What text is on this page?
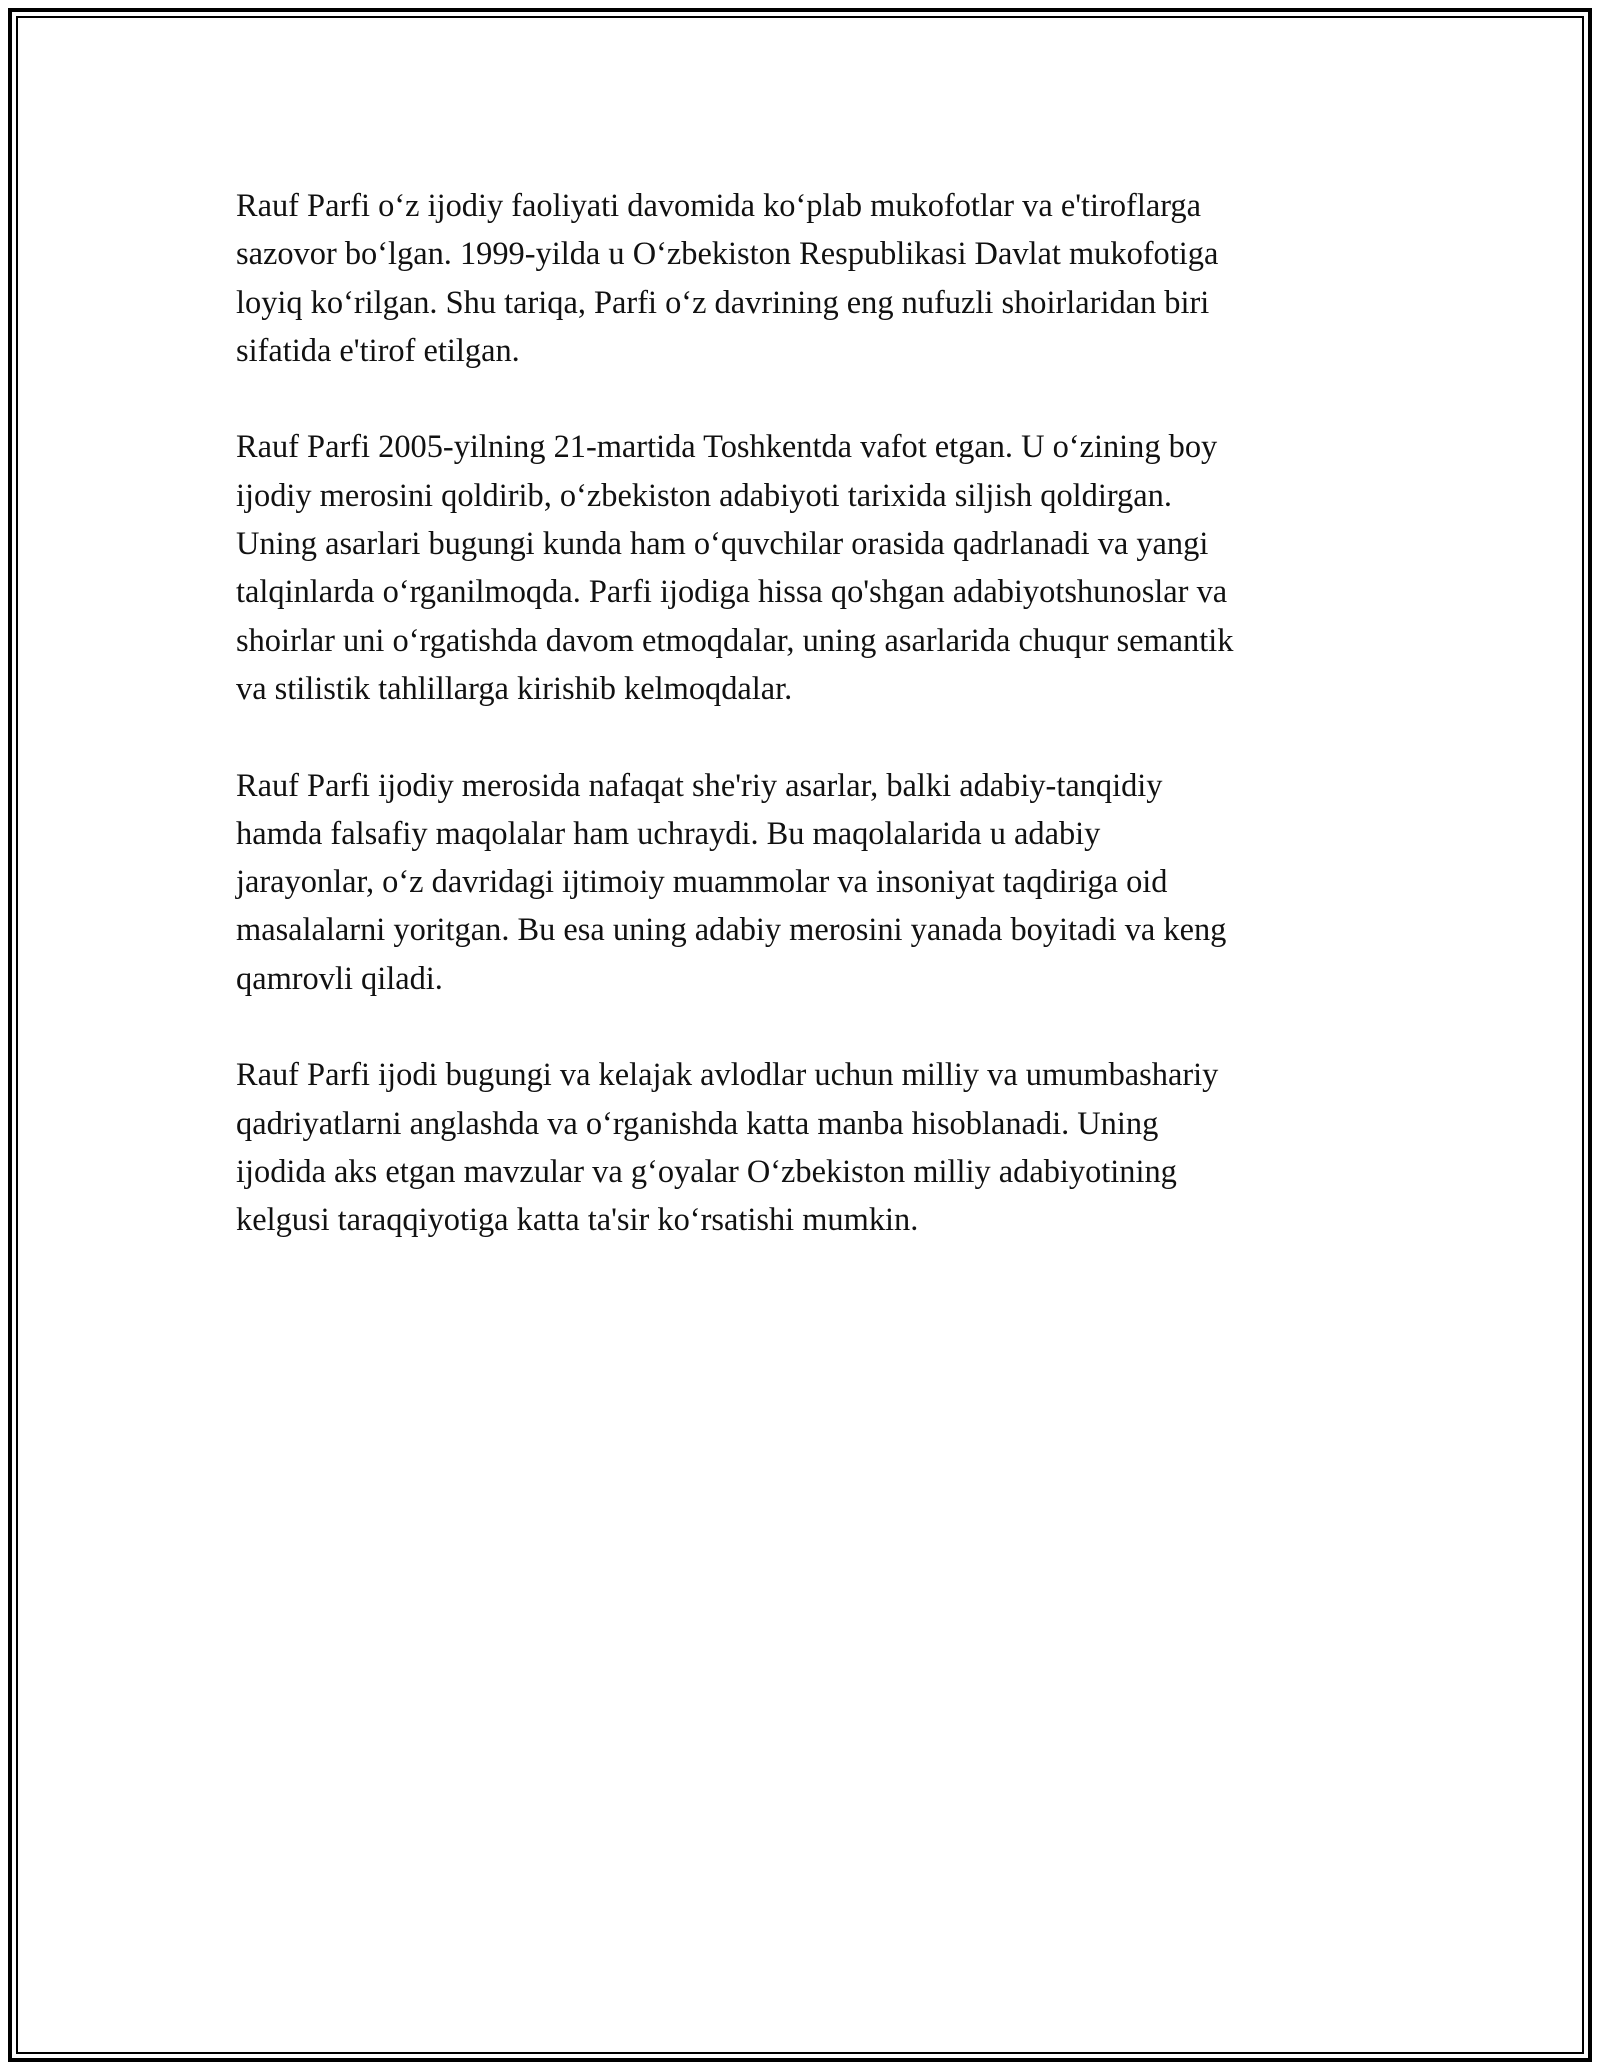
Rauf Parfi o‘z ijodiy faoliyati davomida ko‘plab mukofotlar va e'tiroflarga
sazovor bo‘lgan. 1999-yilda u O‘zbekiston Respublikasi Davlat mukofotiga
loyiq ko‘rilgan. Shu tariqa, Parfi o‘z davrining eng nufuzli shoirlaridan biri
sifatida e'tirof etilgan.

Rauf Parfi 2005-yilning 21-martida Toshkentda vafot etgan. U o‘zining boy
ijodiy merosini qoldirib, o‘zbekiston adabiyoti tarixida siljish qoldirgan.
Uning asarlari bugungi kunda ham o‘quvchilar orasida qadrlanadi va yangi
talqinlarda o‘rganilmoqda. Parfi ijodiga hissa qo'shgan adabiyotshunoslar va
shoirlar uni o‘rgatishda davom etmoqdalar, uning asarlarida chuqur semantik
va stilistik tahlillarga kirishib kelmoqdalar.

Rauf Parfi ijodiy merosida nafaqat she'riy asarlar, balki adabiy-tanqidiy
hamda falsafiy maqolalar ham uchraydi. Bu maqolalarida u adabiy
jarayonlar, o‘z davridagi ijtimoiy muammolar va insoniyat taqdiriga oid
masalalarni yoritgan. Bu esa uning adabiy merosini yanada boyitadi va keng
qamrovli qiladi.

Rauf Parfi ijodi bugungi va kelajak avlodlar uchun milliy va umumbashariy
qadriyatlarni anglashda va o‘rganishda katta manba hisoblanadi. Uning
ijodida aks etgan mavzular va g‘oyalar O‘zbekiston milliy adabiyotining
kelgusi taraqqiyotiga katta ta'sir ko‘rsatishi mumkin.
